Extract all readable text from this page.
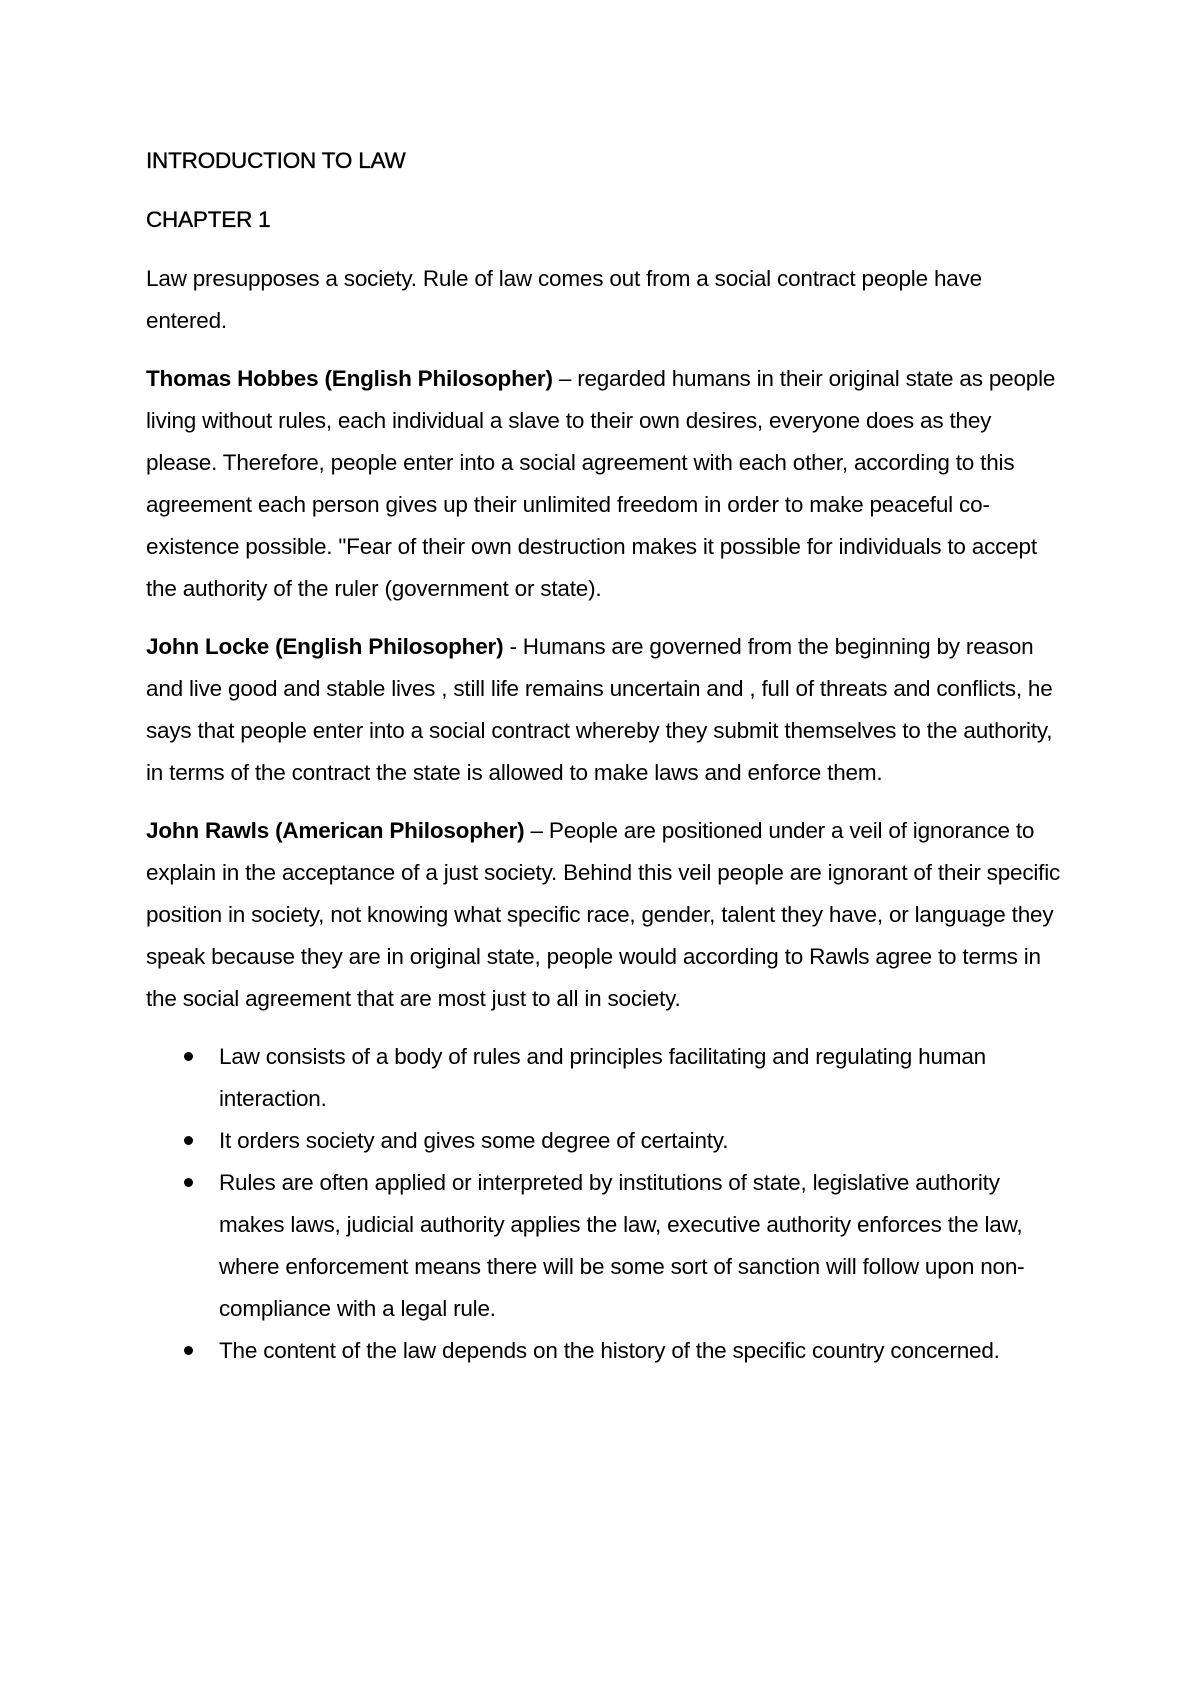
INTRODUCTION TO LAW
CHAPTER 1

Law presupposes a society. Rule of law comes out from a social contract people have entered.

Thomas Hobbes (English Philosopher) – regarded humans in their original state as people living without rules, each individual a slave to their own desires, everyone does as they please. Therefore, people enter into a social agreement with each other, according to this agreement each person gives up their unlimited freedom in order to make peaceful co-existence possible. "Fear of their own destruction makes it possible for individuals to accept the authority of the ruler (government or state).

John Locke (English Philosopher) - Humans are governed from the beginning by reason and live good and stable lives , still life remains uncertain and , full of threats and conflicts, he says that people enter into a social contract whereby they submit themselves to the authority, in terms of the contract the state is allowed to make laws and enforce them.

John Rawls (American Philosopher) – People are positioned under a veil of ignorance to explain in the acceptance of a just society. Behind this veil people are ignorant of their specific position in society, not knowing what specific race, gender, talent they have, or language they speak because they are in original state, people would according to Rawls agree to terms in the social agreement that are most just to all in society.

Law consists of a body of rules and principles facilitating and regulating human interaction.
It orders society and gives some degree of certainty.
Rules are often applied or interpreted by institutions of state, legislative authority makes laws, judicial authority applies the law, executive authority enforces the law, where enforcement means there will be some sort of sanction will follow upon non-compliance with a legal rule.
The content of the law depends on the history of the specific country concerned.
